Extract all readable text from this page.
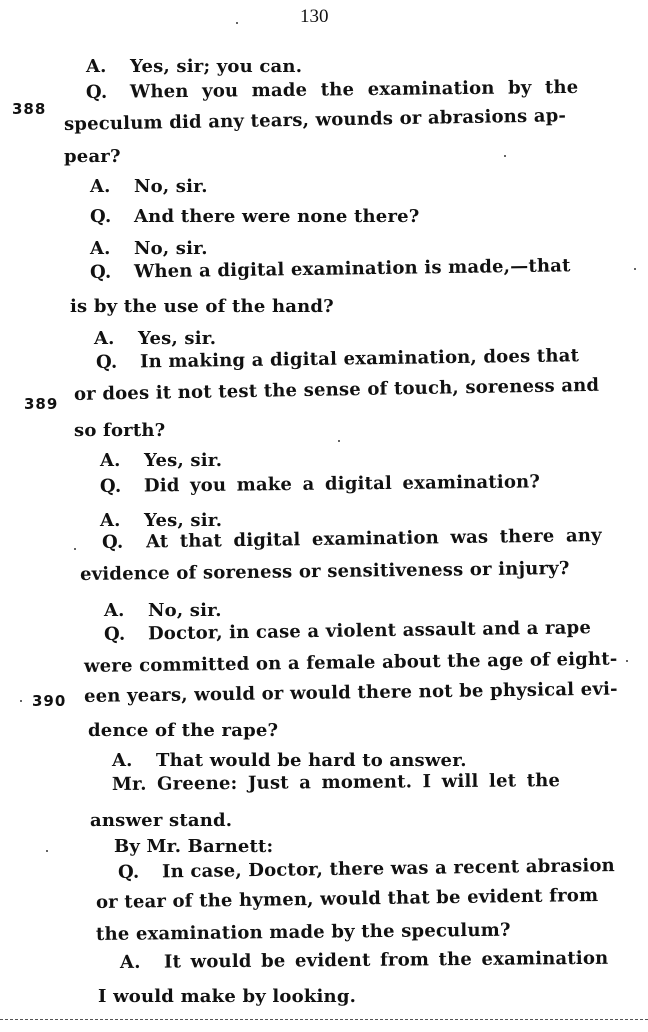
130
388
389
390
A. Yes, sir; you can.
Q. When you made the examination by the
speculum did any tears, wounds or abrasions ap-
pear?
A. No, sir.
Q. And there were none there?
A. No, sir.
Q. When a digital examination is made,—that
is by the use of the hand?
A. Yes, sir.
Q. In making a digital examination, does that
or does it not test the sense of touch, soreness and
so forth?
A. Yes, sir.
Q. Did you make a digital examination?
A. Yes, sir.
Q. At that digital examination was there any
evidence of soreness or sensitiveness or injury?
A. No, sir.
Q. Doctor, in case a violent assault and a rape
were committed on a female about the age of eight-
een years, would or would there not be physical evi-
dence of the rape?
A. That would be hard to answer.
Mr. Greene: Just a moment. I will let the
answer stand.
By Mr. Barnett:
Q. In case, Doctor, there was a recent abrasion
or tear of the hymen, would that be evident from
the examination made by the speculum?
A. It would be evident from the examination
I would make by looking.
